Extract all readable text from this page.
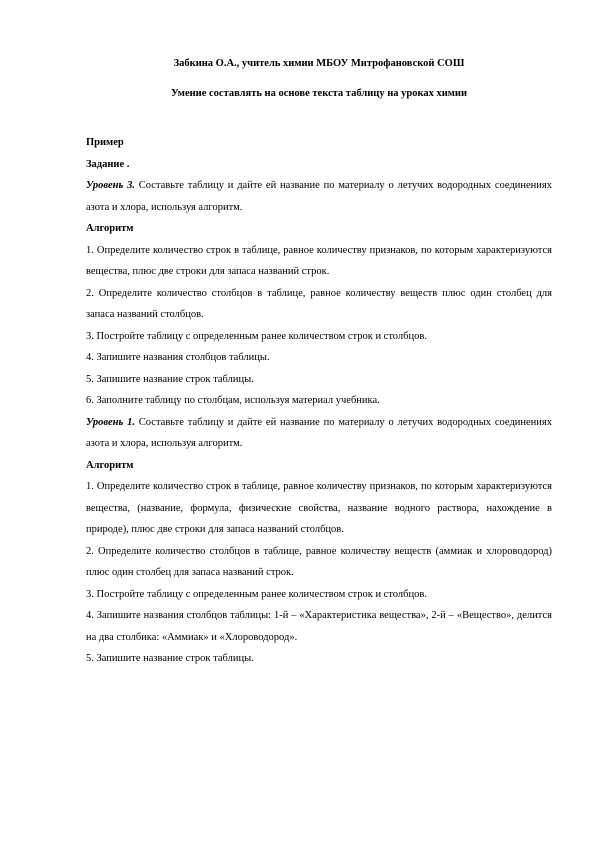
Забкина О.А., учитель химии МБОУ Митрофановской СОШ

Умение составлять на основе текста таблицу на уроках химии

Пример

Задание .

Уровень 3. Составьте таблицу и дайте ей название по материалу о летучих водородных соединениях азота и хлора, используя алгоритм.

Алгоритм

1. Определите количество строк в таблице, равное количеству признаков, по которым характеризуются вещества, плюс две строки для запаса названий строк.

2. Определите количество столбцов в таблице, равное количеству веществ плюс один столбец для запаса названий столбцов.

3. Постройте таблицу с определенным ранее количеством строк и столбцов.

4. Запишите названия столбцов таблицы.

5. Запишите название строк таблицы.

6. Заполните таблицу по столбцам, используя материал учебника.

Уровень 1. Составьте таблицу и дайте ей название по материалу о летучих водородных соединениях азота и хлора, используя алгоритм.

Алгоритм

1. Определите количество строк в таблице, равное количеству признаков, по которым характеризуются вещества, (название, формула, физические свойства, название водного раствора, нахождение в природе), плюс две строки для запаса названий столбцов.

2. Определите количество столбцов в таблице, равное количеству веществ (аммиак и хлороводород) плюс один столбец для запаса названий строк.

3. Постройте таблицу с определенным ранее количеством строк и столбцов.

4. Запишите названия столбцов таблицы: 1-й – «Характеристика вещества», 2-й – «Вещество», делится на два столбика: «Аммиак» и «Хлороводород».

5. Запишите название строк таблицы.
